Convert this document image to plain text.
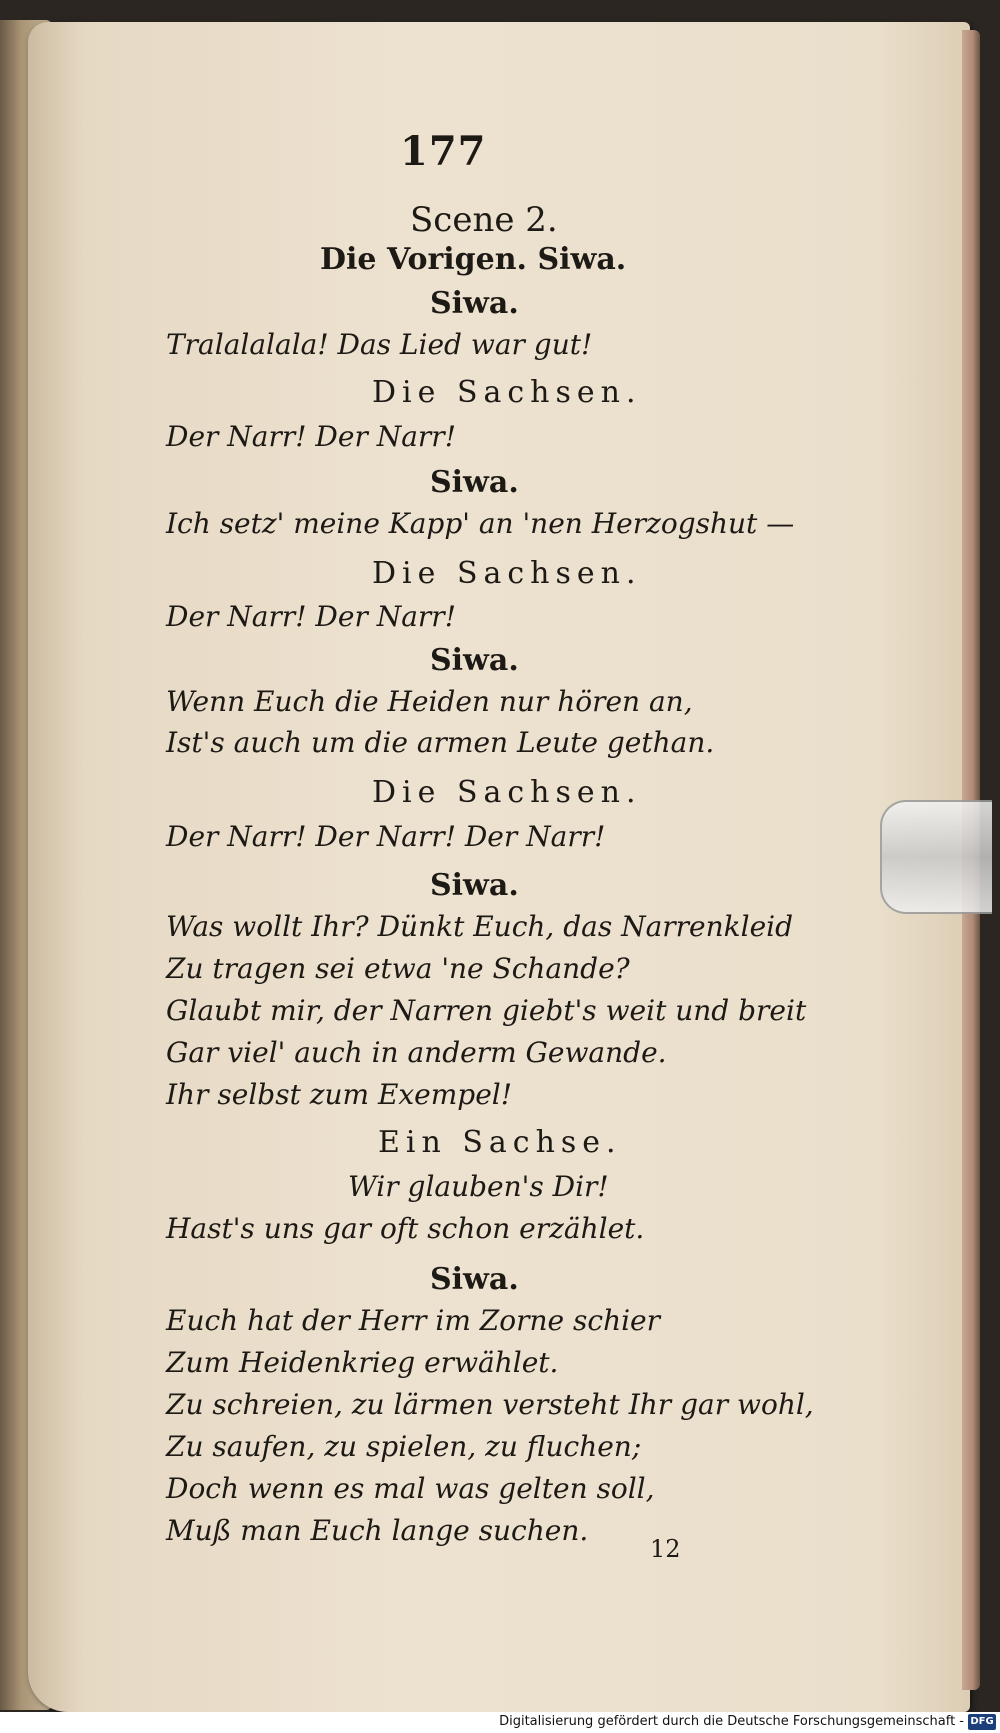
177
Scene 2.
Die Vorigen. Siwa.
Siwa.
Tralalalala! Das Lied war gut!
Die Sachsen.
Der Narr! Der Narr!
Siwa.
Ich setz' meine Kapp' an 'nen Herzogshut —
Die Sachsen.
Der Narr! Der Narr!
Siwa.
Wenn Euch die Heiden nur hören an,
Ist's auch um die armen Leute gethan.
Die Sachsen.
Der Narr! Der Narr! Der Narr!
Siwa.
Was wollt Ihr? Dünkt Euch, das Narrenkleid
Zu tragen sei etwa 'ne Schande?
Glaubt mir, der Narren giebt's weit und breit
Gar viel' auch in anderm Gewande.
Ihr selbst zum Exempel!
Ein Sachse.
Wir glauben's Dir!
Hast's uns gar oft schon erzählet.
Siwa.
Euch hat der Herr im Zorne schier
Zum Heidenkrieg erwählet.
Zu schreien, zu lärmen versteht Ihr gar wohl,
Zu saufen, zu spielen, zu fluchen;
Doch wenn es mal was gelten soll,
Muß man Euch lange suchen.
12
Digitalisierung gefördert durch die Deutsche Forschungsgemeinschaft - DFG
